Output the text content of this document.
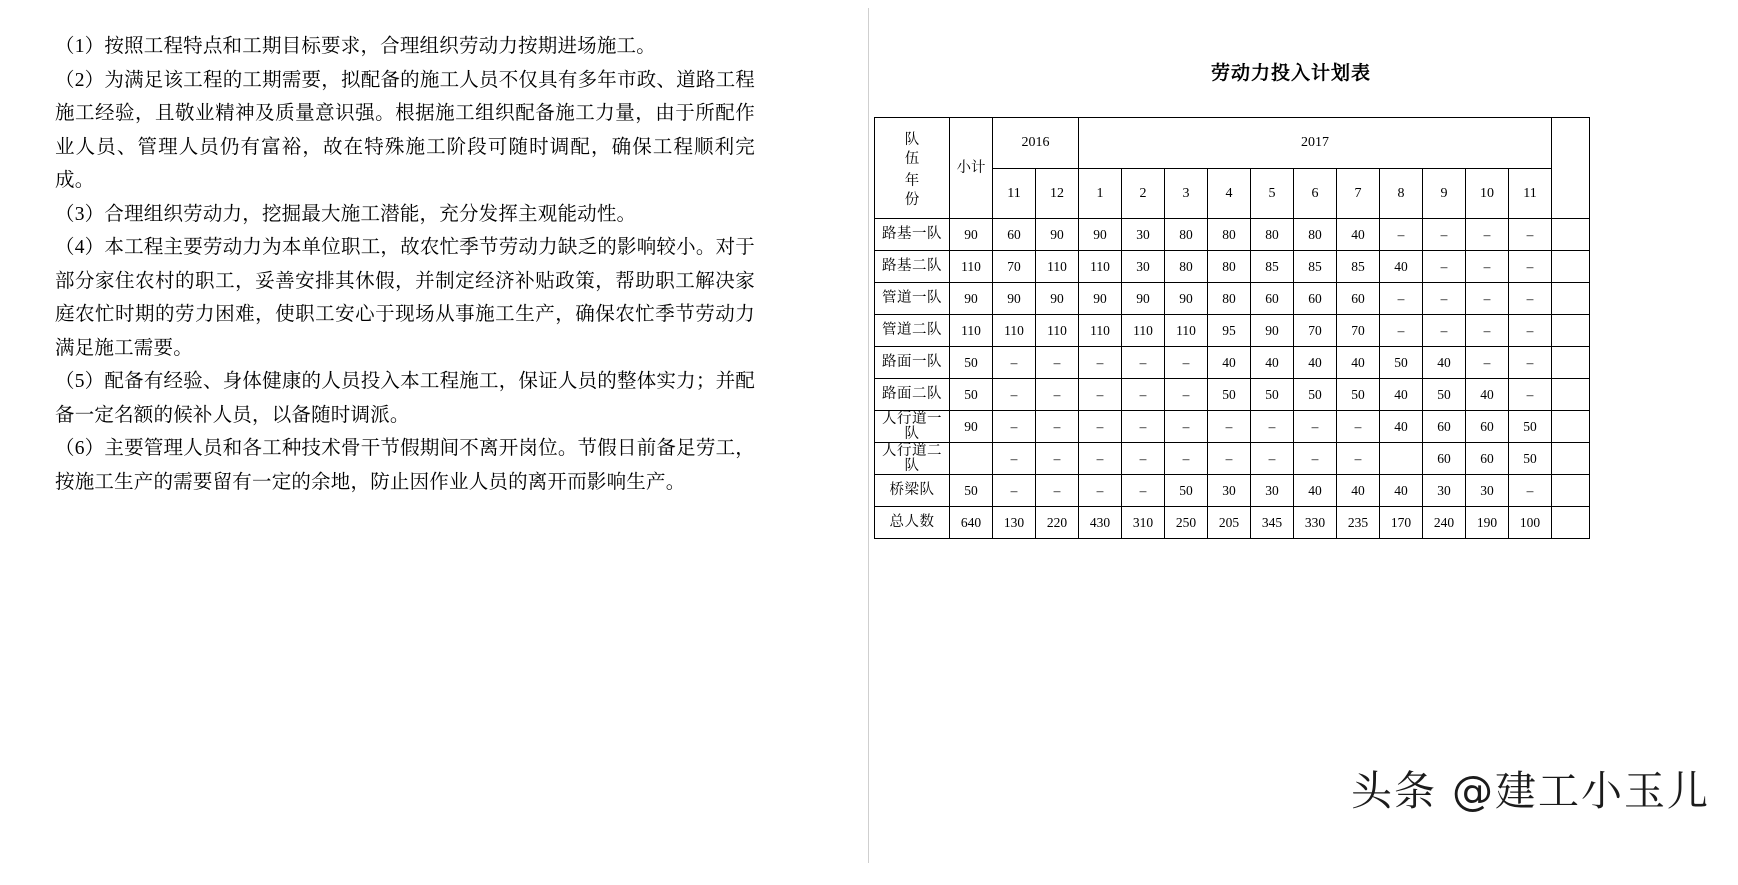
（1）按照工程特点和工期目标要求，合理组织劳动力按期进场施工。

（2）为满足该工程的工期需要，拟配备的施工人员不仅具有多年市政、道路工程施工经验，且敬业精神及质量意识强。根据施工组织配备施工力量，由于所配作业人员、管理人员仍有富裕，故在特殊施工阶段可随时调配，确保工程顺利完成。

（3）合理组织劳动力，挖掘最大施工潜能，充分发挥主观能动性。

（4）本工程主要劳动力为本单位职工，故农忙季节劳动力缺乏的影响较小。对于部分家住农村的职工，妥善安排其休假，并制定经济补贴政策，帮助职工解决家庭农忙时期的劳力困难，使职工安心于现场从事施工生产，确保农忙季节劳动力满足施工需要。

（5）配备有经验、身体健康的人员投入本工程施工，保证人员的整体实力；并配备一定名额的候补人员，以备随时调派。

（6）主要管理人员和各工种技术骨干节假期间不离开岗位。节假日前备足劳工，按施工生产的需要留有一定的余地，防止因作业人员的离开而影响生产。

劳动力投入计划表
队
伍
年
份	小计	2016		2017											
		11	12	1	2	3	4	5	6	7	8	9	10	11	
路基一队	90	60	90	90	30	80	80	80	80	40	–	–	–	–	
路基二队	110	70	110	110	30	80	80	85	85	85	40	–	–	–	
管道一队	90	90	90	90	90	90	80	60	60	60	–	–	–	–	
管道二队	110	110	110	110	110	110	95	90	70	70	–	–	–	–	
路面一队	50	–	–	–	–	–	40	40	40	40	50	40	–	–	
路面二队	50	–	–	–	–	–	50	50	50	50	40	50	40	–	
人行道一队	90	–	–	–	–	–	–	–	–	–	40	60	60	50	
人行道二队		–	–	–	–	–	–	–	–	–		60	60	50	
桥梁队	50	–	–	–	–	50	30	30	40	40	40	30	30	–	
总人数	640	130	220	430	310	250	205	345	330	235	170	240	190	100	
头条 @建工小玉儿
